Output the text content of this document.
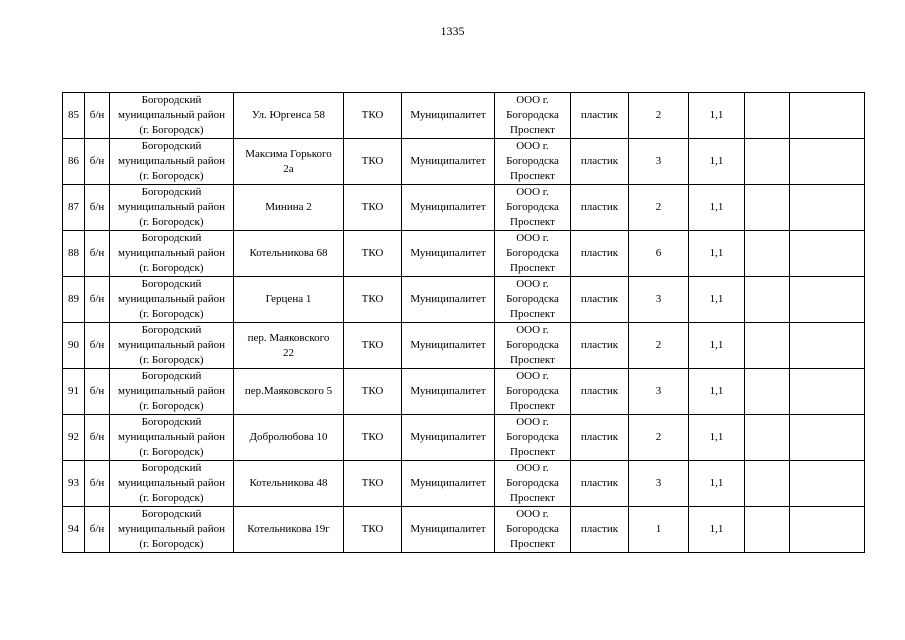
1335
85	б/н	Богородский
муниципальный район
(г. Богородск)	Ул. Юргенса 58	ТКО	Муниципалитет	ООО г.
Богородска
Проспект	пластик	2	1,1		
86	б/н	Богородский
муниципальный район
(г. Богородск)	Максима Горького
2а	ТКО	Муниципалитет	ООО г.
Богородска
Проспект	пластик	3	1,1		
87	б/н	Богородский
муниципальный район
(г. Богородск)	Минина 2	ТКО	Муниципалитет	ООО г.
Богородска
Проспект	пластик	2	1,1		
88	б/н	Богородский
муниципальный район
(г. Богородск)	Котельникова 68	ТКО	Муниципалитет	ООО г.
Богородска
Проспект	пластик	6	1,1		
89	б/н	Богородский
муниципальный район
(г. Богородск)	Герцена 1	ТКО	Муниципалитет	ООО г.
Богородска
Проспект	пластик	3	1,1		
90	б/н	Богородский
муниципальный район
(г. Богородск)	пер. Маяковского
22	ТКО	Муниципалитет	ООО г.
Богородска
Проспект	пластик	2	1,1		
91	б/н	Богородский
муниципальный район
(г. Богородск)	пер.Маяковского 5	ТКО	Муниципалитет	ООО г.
Богородска
Проспект	пластик	3	1,1		
92	б/н	Богородский
муниципальный район
(г. Богородск)	Добролюбова 10	ТКО	Муниципалитет	ООО г.
Богородска
Проспект	пластик	2	1,1		
93	б/н	Богородский
муниципальный район
(г. Богородск)	Котельникова 48	ТКО	Муниципалитет	ООО г.
Богородска
Проспект	пластик	3	1,1		
94	б/н	Богородский
муниципальный район
(г. Богородск)	Котельникова 19г	ТКО	Муниципалитет	ООО г.
Богородска
Проспект	пластик	1	1,1		
